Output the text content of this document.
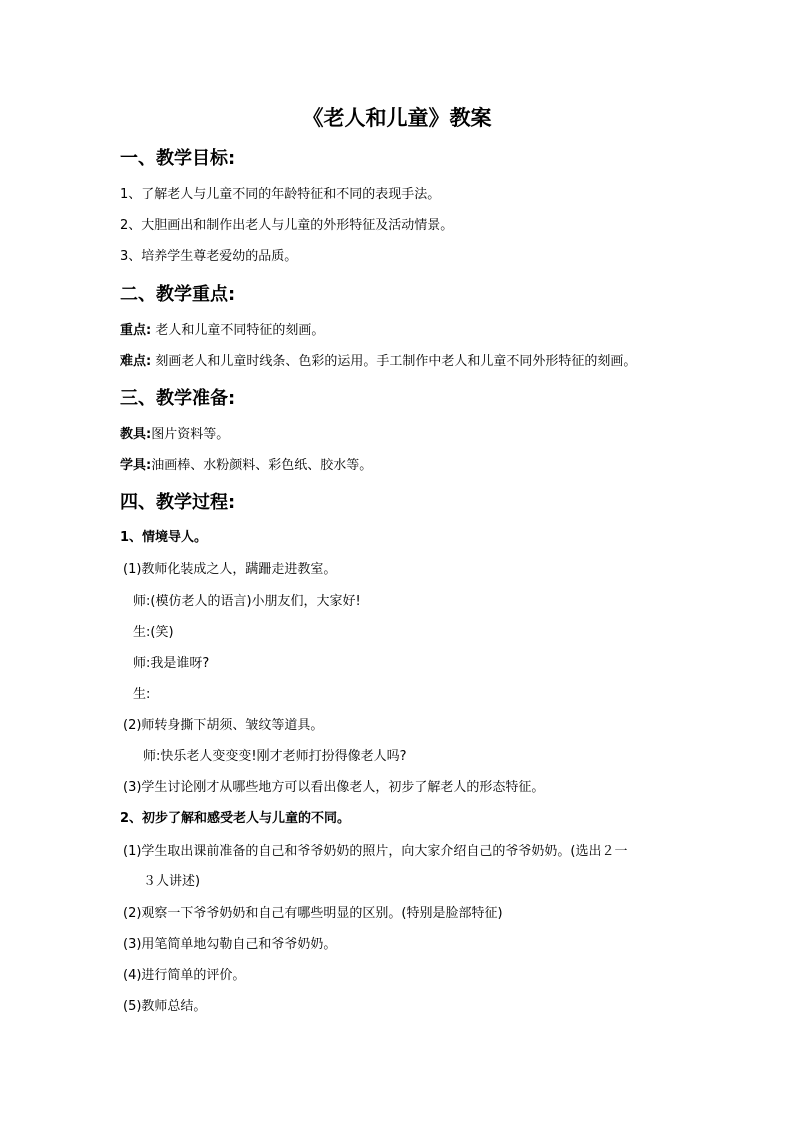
《老人和儿童》教案
一、教学目标:
1、了解老人与儿童不同的年龄特征和不同的表现手法。
2、大胆画出和制作出老人与儿童的外形特征及活动情景。
3、培养学生尊老爱幼的品质。
二、教学重点:
重点: 老人和儿童不同特征的刻画。
难点: 刻画老人和儿童时线条、色彩的运用。手工制作中老人和儿童不同外形特征的刻画。
三、教学准备:
教具:图片资料等。
学具:油画棒、水粉颜料、彩色纸、胶水等。
四、教学过程:
1、情境导人。
(1)教师化装成之人，蹒跚走进教室。
师:(模仿老人的语言)小朋友们，大家好!
生:(笑)
师:我是谁呀?
生:
(2)师转身撕下胡须、皱纹等道具。
师:快乐老人变变变!刚才老师打扮得像老人吗?
(3)学生讨论刚才从哪些地方可以看出像老人，初步了解老人的形态特征。
2、初步了解和感受老人与儿童的不同。
(1)学生取出课前准备的自己和爷爷奶奶的照片，向大家介绍自己的爷爷奶奶。(选出２一
３人讲述)
(2)观察一下爷爷奶奶和自己有哪些明显的区别。(特别是脸部特征)
(3)用笔简单地勾勒自己和爷爷奶奶。
(4)进行简单的评价。
(5)教师总结。
